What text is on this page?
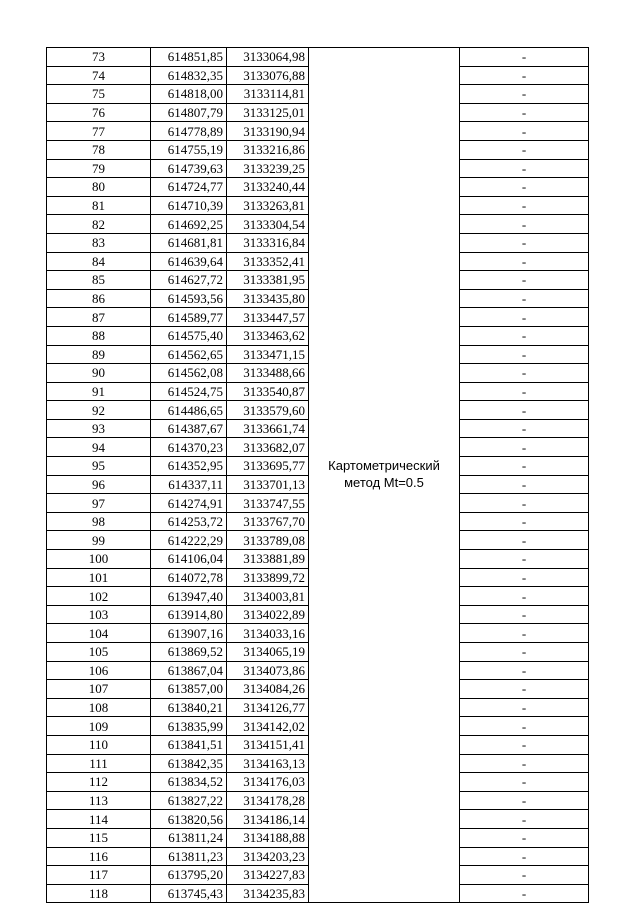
73	614851,85	3133064,98	Картометрический
метод Mt=0.5	-
74	614832,35	3133076,88		-
75	614818,00	3133114,81		-
76	614807,79	3133125,01		-
77	614778,89	3133190,94		-
78	614755,19	3133216,86		-
79	614739,63	3133239,25		-
80	614724,77	3133240,44		-
81	614710,39	3133263,81		-
82	614692,25	3133304,54		-
83	614681,81	3133316,84		-
84	614639,64	3133352,41		-
85	614627,72	3133381,95		-
86	614593,56	3133435,80		-
87	614589,77	3133447,57		-
88	614575,40	3133463,62		-
89	614562,65	3133471,15		-
90	614562,08	3133488,66		-
91	614524,75	3133540,87		-
92	614486,65	3133579,60		-
93	614387,67	3133661,74		-
94	614370,23	3133682,07		-
95	614352,95	3133695,77		-
96	614337,11	3133701,13		-
97	614274,91	3133747,55		-
98	614253,72	3133767,70		-
99	614222,29	3133789,08		-
100	614106,04	3133881,89		-
101	614072,78	3133899,72		-
102	613947,40	3134003,81		-
103	613914,80	3134022,89		-
104	613907,16	3134033,16		-
105	613869,52	3134065,19		-
106	613867,04	3134073,86		-
107	613857,00	3134084,26		-
108	613840,21	3134126,77		-
109	613835,99	3134142,02		-
110	613841,51	3134151,41		-
111	613842,35	3134163,13		-
112	613834,52	3134176,03		-
113	613827,22	3134178,28		-
114	613820,56	3134186,14		-
115	613811,24	3134188,88		-
116	613811,23	3134203,23		-
117	613795,20	3134227,83		-
118	613745,43	3134235,83		-
